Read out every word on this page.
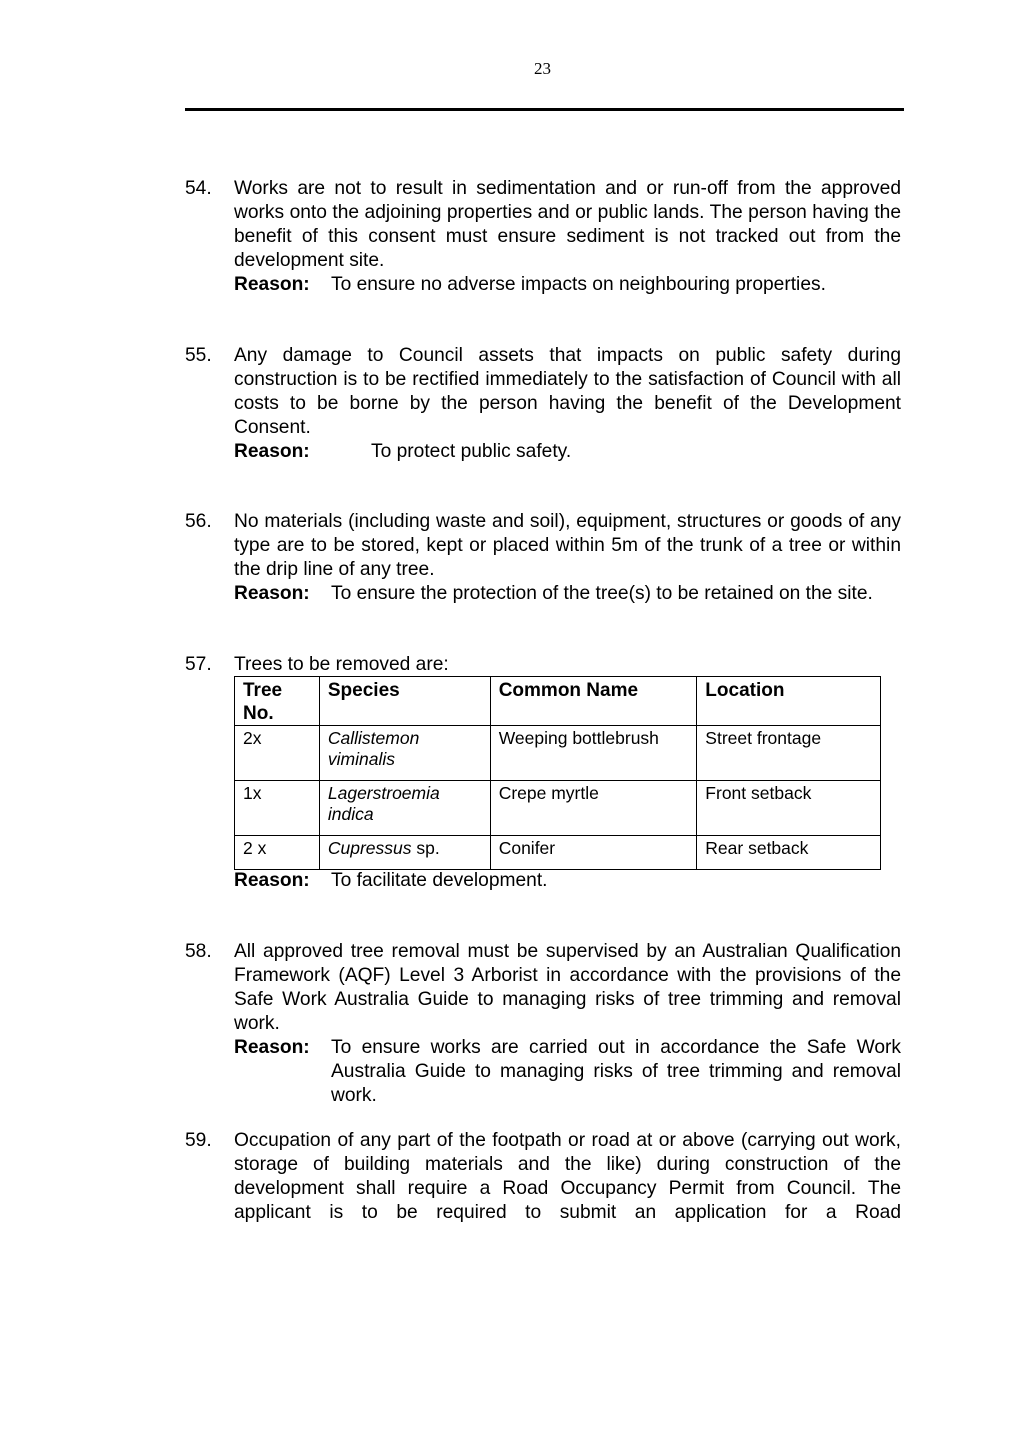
23
54. Works are not to result in sedimentation and or run-off from the approved works onto the adjoining properties and or public lands. The person having the benefit of this consent must ensure sediment is not tracked out from the development site.

Reason:	To ensure no adverse impacts on neighbouring properties.
55. Any damage to Council assets that impacts on public safety during construction is to be rectified immediately to the satisfaction of Council with all costs to be borne by the person having the benefit of the Development Consent.

Reason:	To protect public safety.
56. No materials (including waste and soil), equipment, structures or goods of any type are to be stored, kept or placed within 5m of the trunk of a tree or within the drip line of any tree.

Reason:	To ensure the protection of the tree(s) to be retained on the site.
57. Trees to be removed are:

Tree No.	Species	Common Name	Location
2x	Callistemon viminalis	Weeping bottlebrush	Street frontage
1x	Lagerstroemia indica	Crepe myrtle	Front setback
2 x	Cupressus sp.	Conifer	Rear setback
Reason:	To facilitate development.
58. All approved tree removal must be supervised by an Australian Qualification Framework (AQF) Level 3 Arborist in accordance with the provisions of the Safe Work Australia Guide to managing risks of tree trimming and removal work.

Reason:	To ensure works are carried out in accordance the Safe Work Australia Guide to managing risks of tree trimming and removal work.
59. Occupation of any part of the footpath or road at or above (carrying out work, storage of building materials and the like) during construction of the development shall require a Road Occupancy Permit from Council. The applicant is to be required to submit an application for a Road
